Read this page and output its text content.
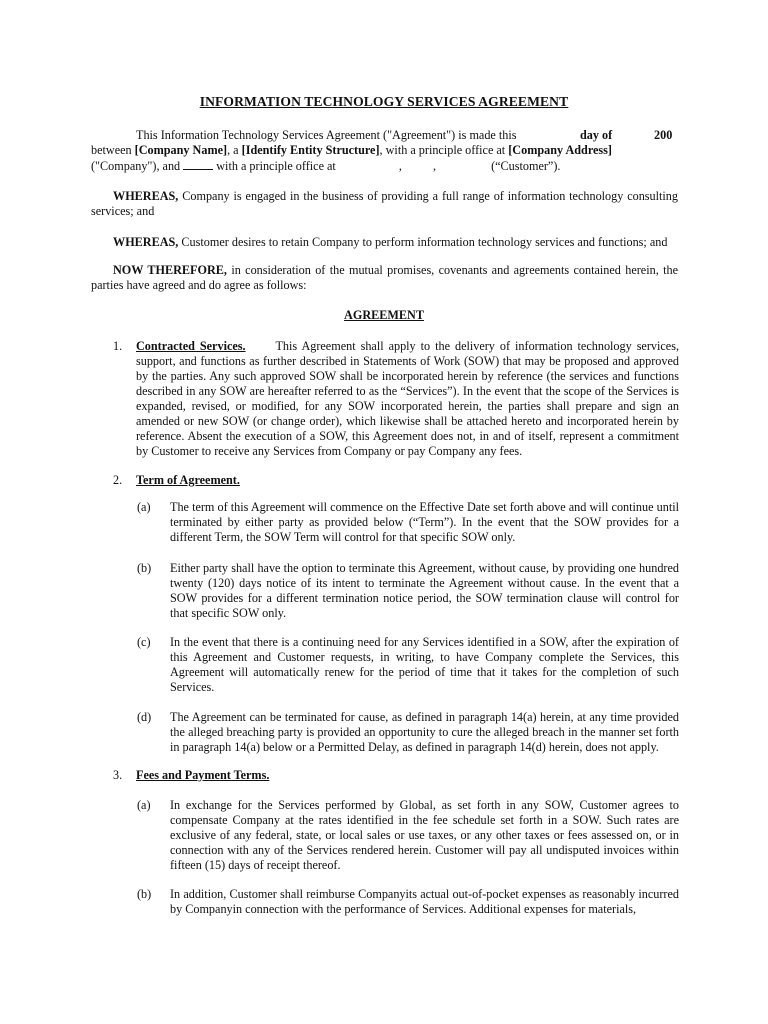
INFORMATION TECHNOLOGY SERVICES AGREEMENT
This Information Technology Services Agreement ("Agreement") is made this	day of	200
between [Company Name], a [Identify Entity Structure], with a principle office at [Company Address]
("Company"), and	with a principle office at	,	,	(“Customer”).
WHEREAS, Company is engaged in the business of providing a full range of information technology consulting services; and
WHEREAS, Customer desires to retain Company to perform information technology services and functions; and
NOW THEREFORE, in consideration of the mutual promises, covenants and agreements contained herein, the parties have agreed and do agree as follows:
AGREEMENT
1.	Contracted Services. This Agreement shall apply to the delivery of information technology services, support, and functions as further described in Statements of Work (SOW) that may be proposed and approved by the parties. Any such approved SOW shall be incorporated herein by reference (the services and functions described in any SOW are hereafter referred to as the “Services”). In the event that the scope of the Services is expanded, revised, or modified, for any SOW incorporated herein, the parties shall prepare and sign an amended or new SOW (or change order), which likewise shall be attached hereto and incorporated herein by reference. Absent the execution of a SOW, this Agreement does not, in and of itself, represent a commitment by Customer to receive any Services from Company or pay Company any fees.
2.	Term of Agreement.
(a)	The term of this Agreement will commence on the Effective Date set forth above and will continue until terminated by either party as provided below (“Term”). In the event that the SOW provides for a different Term, the SOW Term will control for that specific SOW only.
(b)	Either party shall have the option to terminate this Agreement, without cause, by providing one hundred twenty (120) days notice of its intent to terminate the Agreement without cause. In the event that a SOW provides for a different termination notice period, the SOW termination clause will control for that specific SOW only.
(c)	In the event that there is a continuing need for any Services identified in a SOW, after the expiration of this Agreement and Customer requests, in writing, to have Company complete the Services, this Agreement will automatically renew for the period of time that it takes for the completion of such Services.
(d)	The Agreement can be terminated for cause, as defined in paragraph 14(a) herein, at any time provided the alleged breaching party is provided an opportunity to cure the alleged breach in the manner set forth in paragraph 14(a) below or a Permitted Delay, as defined in paragraph 14(d) herein, does not apply.
3.	Fees and Payment Terms.
(a)	In exchange for the Services performed by Global, as set forth in any SOW, Customer agrees to compensate Company at the rates identified in the fee schedule set forth in a SOW. Such rates are exclusive of any federal, state, or local sales or use taxes, or any other taxes or fees assessed on, or in connection with any of the Services rendered herein. Customer will pay all undisputed invoices within fifteen (15) days of receipt thereof.
(b)	In addition, Customer shall reimburse Companyits actual out-of-pocket expenses as reasonably incurred by Companyin connection with the performance of Services. Additional expenses for materials,
